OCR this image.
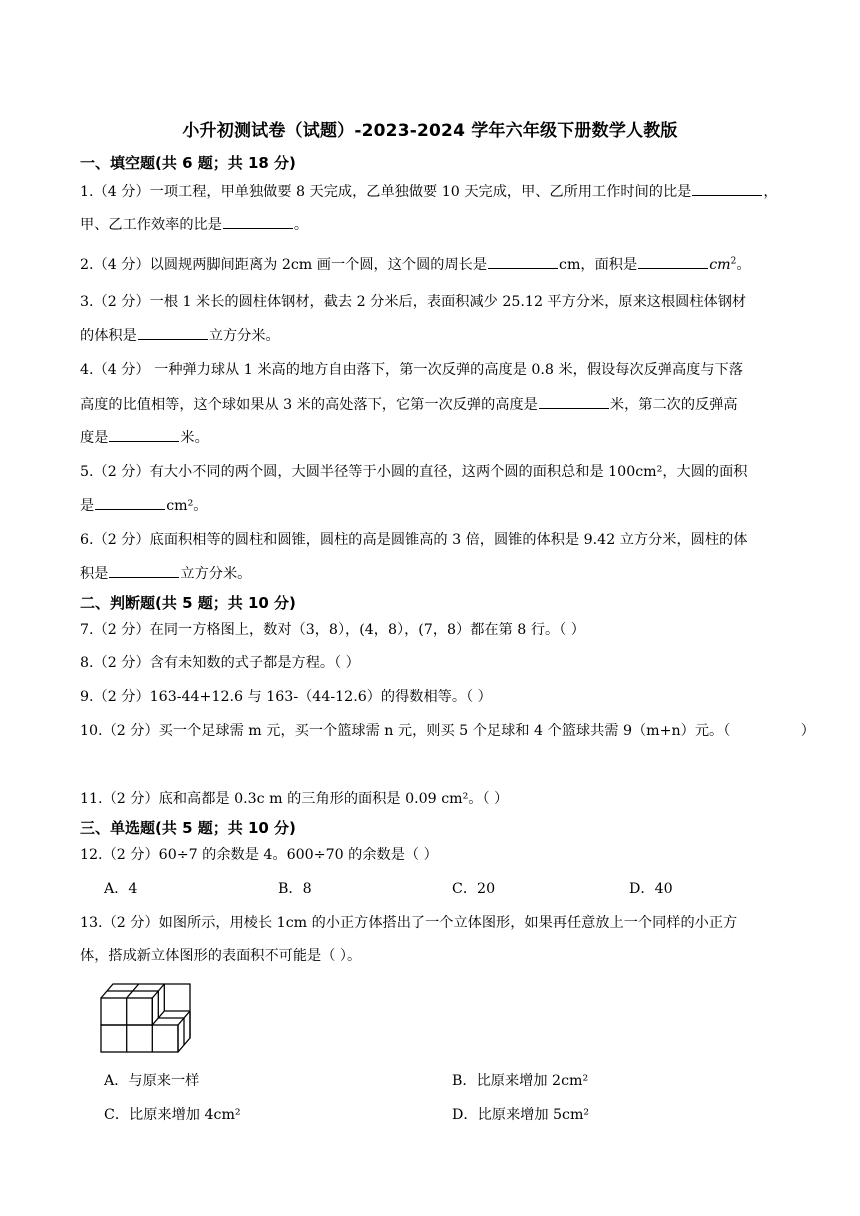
小升初测试卷（试题）-2023-2024 学年六年级下册数学人教版
一、填空题(共 6 题；共 18 分)
1.（4 分）一项工程，甲单独做要 8 天完成，乙单独做要 10 天完成，甲、乙所用工作时间的比是	，
甲、乙工作效率的比是	。
2.（4 分）以圆规两脚间距离为 2cm 画一个圆，这个圆的周长是	cm，面积是	$cm^2$。
3.（2 分）一根 1 米长的圆柱体钢材，截去 2 分米后，表面积减少 25.12 平方分米，原来这根圆柱体钢材
的体积是	立方分米。
4.（4 分） 一种弹力球从 1 米高的地方自由落下，第一次反弹的高度是 0.8 米，假设每次反弹高度与下落
高度的比值相等，这个球如果从 3 米的高处落下，它第一次反弹的高度是	米，第二次的反弹高
度是	米。
5.（2 分）有大小不同的两个圆，大圆半径等于小圆的直径，这两个圆的面积总和是 100cm²，大圆的面积
是	cm²。
6.（2 分）底面积相等的圆柱和圆锥，圆柱的高是圆锥高的 3 倍，圆锥的体积是 9.42 立方分米，圆柱的体
积是	立方分米。
二、判断题(共 5 题；共 10 分)
7.（2 分）在同一方格图上，数对（3，8），(4，8），(7，8）都在第 8 行。（ ）
8.（2 分）含有未知数的式子都是方程。（ ）
9.（2 分）163-44+12.6 与 163-（44-12.6）的得数相等。（ ）
10.（2 分）买一个足球需 m 元，买一个篮球需 n 元，则买 5 个足球和 4 个篮球共需 9（m+n）元。（	）
11.（2 分）底和高都是 0.3c m 的三角形的面积是 0.09 cm²。（ ）
三、单选题(共 5 题；共 10 分)
12.（2 分）60÷7 的余数是 4。600÷70 的余数是（ ）
A．4	B．8	C．20	D．40
13.（2 分）如图所示，用棱长 1cm 的小正方体搭出了一个立体图形，如果再任意放上一个同样的小正方
体，搭成新立体图形的表面积不可能是（ ）。
A．与原来一样	B．比原来增加 2cm²
C．比原来增加 4cm²	D．比原来增加 5cm²
